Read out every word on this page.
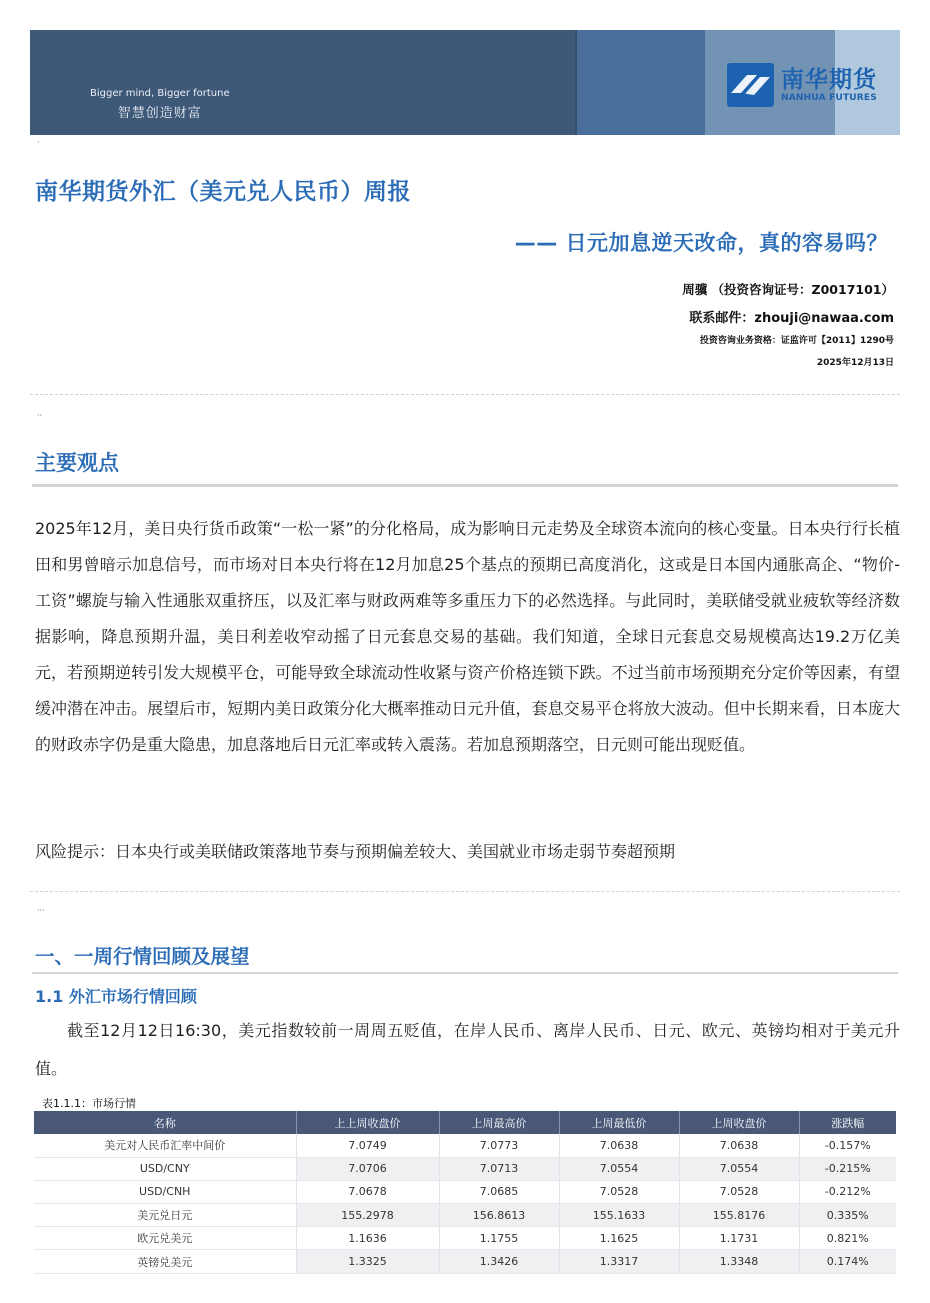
Bigger mind, Bigger fortune
智慧创造财富
南华期货
NANHUA FUTURES
·
南华期货外汇（美元兑人民币）周报
—— 日元加息逆天改命，真的容易吗？
周骥 （投资咨询证号：Z0017101）
联系邮件：zhouji@nawaa.com
投资咨询业务资格：证监许可【2011】1290号
2025年12月13日
··
主要观点
2025年12月，美日央行货币政策“一松一紧”的分化格局，成为影响日元走势及全球资本流向的核心变量。日本央行行长植田和男曾暗示加息信号，而市场对日本央行将在12月加息25个基点的预期已高度消化，这或是日本国内通胀高企、“物价-工资”螺旋与输入性通胀双重挤压，以及汇率与财政两难等多重压力下的必然选择。与此同时，美联储受就业疲软等经济数据影响，降息预期升温，美日利差收窄动摇了日元套息交易的基础。我们知道，全球日元套息交易规模高达19.2万亿美元，若预期逆转引发大规模平仓，可能导致全球流动性收紧与资产价格连锁下跌。不过当前市场预期充分定价等因素，有望缓冲潜在冲击。展望后市，短期内美日政策分化大概率推动日元升值，套息交易平仓将放大波动。但中长期来看，日本庞大的财政赤字仍是重大隐患，加息落地后日元汇率或转入震荡。若加息预期落空，日元则可能出现贬值。
风险提示：日本央行或美联储政策落地节奏与预期偏差较大、美国就业市场走弱节奏超预期
···
一、一周行情回顾及展望
1.1 外汇市场行情回顾
截至12月12日16:30，美元指数较前一周周五贬值，在岸人民币、离岸人民币、日元、欧元、英镑均相对于美元升值。
表1.1.1：市场行情
名称	上上周收盘价	上周最高价	上周最低价	上周收盘价	涨跌幅
美元对人民币汇率中间价	7.0749	7.0773	7.0638	7.0638	-0.157%
USD/CNY	7.0706	7.0713	7.0554	7.0554	-0.215%
USD/CNH	7.0678	7.0685	7.0528	7.0528	-0.212%
美元兑日元	155.2978	156.8613	155.1633	155.8176	0.335%
欧元兑美元	1.1636	1.1755	1.1625	1.1731	0.821%
英镑兑美元	1.3325	1.3426	1.3317	1.3348	0.174%
